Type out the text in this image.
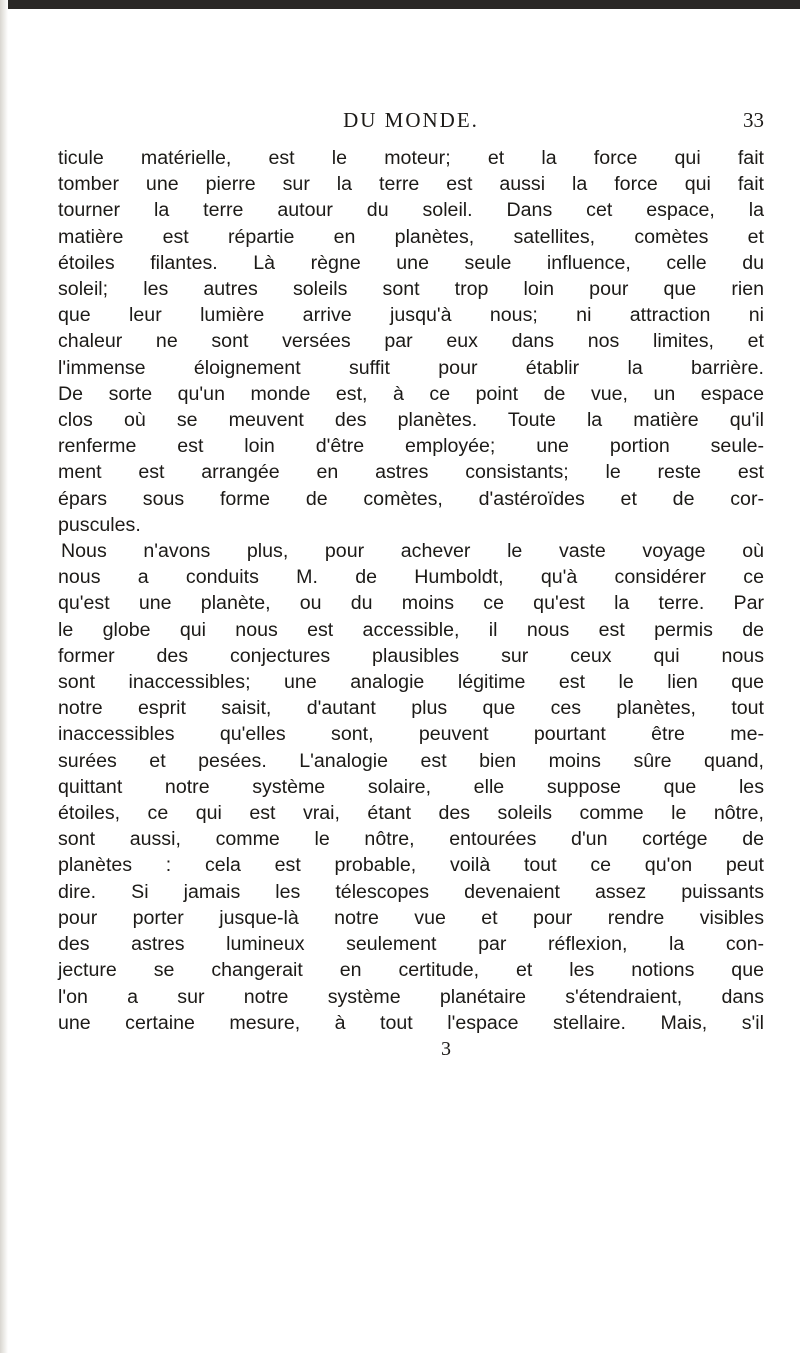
DU MONDE.	33
ticule matérielle, est le moteur; et la force qui fait
tomber une pierre sur la terre est aussi la force qui fait
tourner la terre autour du soleil. Dans cet espace, la
matière est répartie en planètes, satellites, comètes et
étoiles filantes. Là règne une seule influence, celle du
soleil; les autres soleils sont trop loin pour que rien
que leur lumière arrive jusqu'à nous; ni attraction ni
chaleur ne sont versées par eux dans nos limites, et
l'immense éloignement suffit pour établir la barrière.
De sorte qu'un monde est, à ce point de vue, un espace
clos où se meuvent des planètes. Toute la matière qu'il
renferme est loin d'être employée; une portion seule-
ment est arrangée en astres consistants; le reste est
épars sous forme de comètes, d'astéroïdes et de cor-
puscules.
Nous n'avons plus, pour achever le vaste voyage où
nous a conduits M. de Humboldt, qu'à considérer ce
qu'est une planète, ou du moins ce qu'est la terre. Par
le globe qui nous est accessible, il nous est permis de
former des conjectures plausibles sur ceux qui nous
sont inaccessibles; une analogie légitime est le lien que
notre esprit saisit, d'autant plus que ces planètes, tout
inaccessibles qu'elles sont, peuvent pourtant être me-
surées et pesées. L'analogie est bien moins sûre quand,
quittant notre système solaire, elle suppose que les
étoiles, ce qui est vrai, étant des soleils comme le nôtre,
sont aussi, comme le nôtre, entourées d'un cortége de
planètes : cela est probable, voilà tout ce qu'on peut
dire. Si jamais les télescopes devenaient assez puissants
pour porter jusque-là notre vue et pour rendre visibles
des astres lumineux seulement par réflexion, la con-
jecture se changerait en certitude, et les notions que
l'on a sur notre système planétaire s'étendraient, dans
une certaine mesure, à tout l'espace stellaire. Mais, s'il
3
